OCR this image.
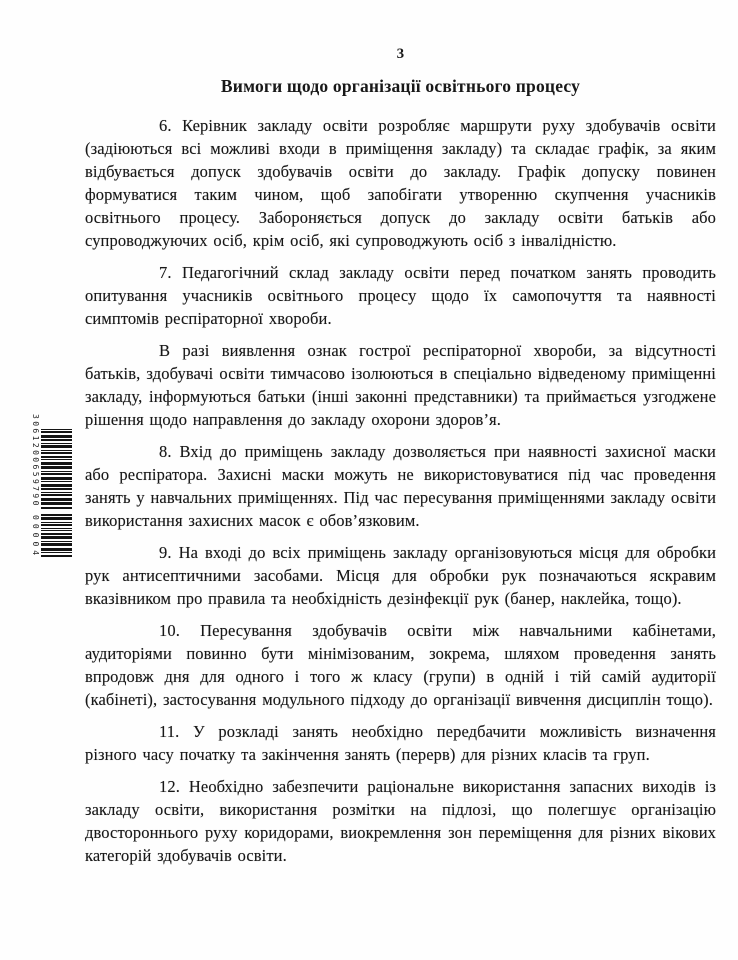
3061200659790
00004
3
Вимоги щодо організації освітнього процесу

6. Керівник закладу освіти розробляє маршрути руху здобувачів освіти (задіюються всі можливі входи в приміщення закладу) та складає графік, за яким відбувається допуск здобувачів освіти до закладу. Графік допуску повинен формуватися таким чином, щоб запобігати утворенню скупчення учасників освітнього процесу. Забороняється допуск до закладу освіти батьків або супроводжуючих осіб, крім осіб, які супроводжують осіб з інвалідністю.

7. Педагогічний склад закладу освіти перед початком занять проводить опитування учасників освітнього процесу щодо їх самопочуття та наявності симптомів респіраторної хвороби.

В разі виявлення ознак гострої респіраторної хвороби, за відсутності батьків, здобувачі освіти тимчасово ізолюються в спеціально відведеному приміщенні закладу, інформуються батьки (інші законні представники) та приймається узгоджене рішення щодо направлення до закладу охорони здоров’я.

8. Вхід до приміщень закладу дозволяється при наявності захисної маски або респіратора. Захисні маски можуть не використовуватися під час проведення занять у навчальних приміщеннях. Під час пересування приміщеннями закладу освіти використання захисних масок є обов’язковим.

9. На вході до всіх приміщень закладу організовуються місця для обробки рук антисептичними засобами. Місця для обробки рук позначаються яскравим вказівником про правила та необхідність дезінфекції рук (банер, наклейка, тощо).

10. Пересування здобувачів освіти між навчальними кабінетами, аудиторіями повинно бути мінімізованим, зокрема, шляхом проведення занять впродовж дня для одного і того ж класу (групи) в одній і тій самій аудиторії (кабінеті), застосування модульного підходу до організації вивчення дисциплін тощо).

11. У розкладі занять необхідно передбачити можливість визначення різного часу початку та закінчення занять (перерв) для різних класів та груп.

12. Необхідно забезпечити раціональне використання запасних виходів із закладу освіти, використання розмітки на підлозі, що полегшує організацію двостороннього руху коридорами, виокремлення зон переміщення для різних вікових категорій здобувачів освіти.
